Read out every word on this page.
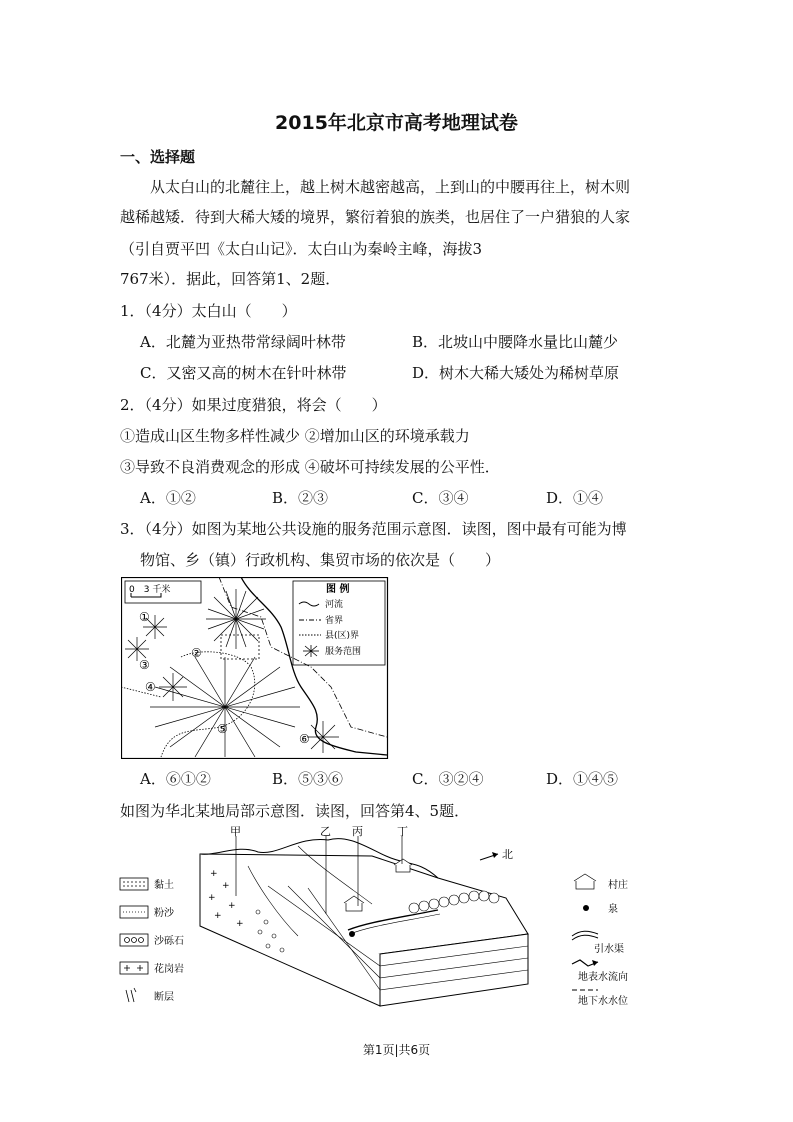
2015年北京市高考地理试卷
一、选择题
从太白山的北麓往上，越上树木越密越高，上到山的中腰再往上，树木则
越稀越矮．待到大稀大矮的境界，繁衍着狼的族类，也居住了一户猎狼的人家
（引自贾平凹《太白山记》．太白山为秦岭主峰，海拔3
767米）．据此，回答第1、2题．
1．（4分）太白山（　　）
A．北麓为亚热带常绿阔叶林带	B．北坡山中腰降水量比山麓少
C．又密又高的树木在针叶林带	D．树木大稀大矮处为稀树草原
2．（4分）如果过度猎狼，将会（　　）
①造成山区生物多样性减少 ②增加山区的环境承载力
③导致不良消费观念的形成 ④破坏可持续发展的公平性．
A．①②	B．②③	C．③④	D．①④
3．（4分）如图为某地公共设施的服务范围示意图．读图，图中最有可能为博
物馆、乡（镇）行政机构、集贸市场的依次是（　　）
0　3 千米	图 例
河流
省界
县(区)界
服务范围
①
②
③
④
⑤
⑥
A．⑥①②	B．⑤③⑥	C．③②④	D．①④⑤
如图为华北某地局部示意图．读图，回答第4、5题．
黏土
粉沙
沙砾石
花岗岩
断层
+
+
+
+
+
+
甲	乙 丙	丁
北
村庄
泉
引水渠
地表水流向
地下水水位
第1页|共6页
